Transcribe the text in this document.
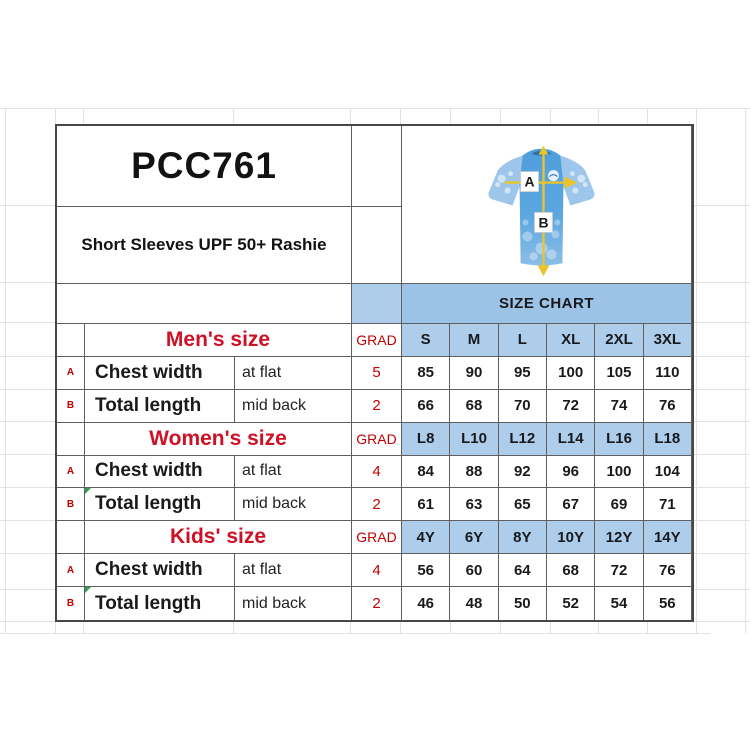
PCC761	A
B
Short Sleeves UPF 50+ Rashie
SIZE CHART
Men's size	GRAD	S	M	L	XL	2XL	3XL
A	Chest width	at flat	5	85	90	95	100	105	110
B	Total length	mid back	2	66	68	70	72	74	76
Women's size	GRAD	L8	L10	L12	L14	L16	L18
A	Chest width	at flat	4	84	88	92	96	100	104
B	Total length	mid back	2	61	63	65	67	69	71
Kids' size	GRAD	4Y	6Y	8Y	10Y	12Y	14Y
A	Chest width	at flat	4	56	60	64	68	72	76
B	Total length	mid back	2	46	48	50	52	54	56
